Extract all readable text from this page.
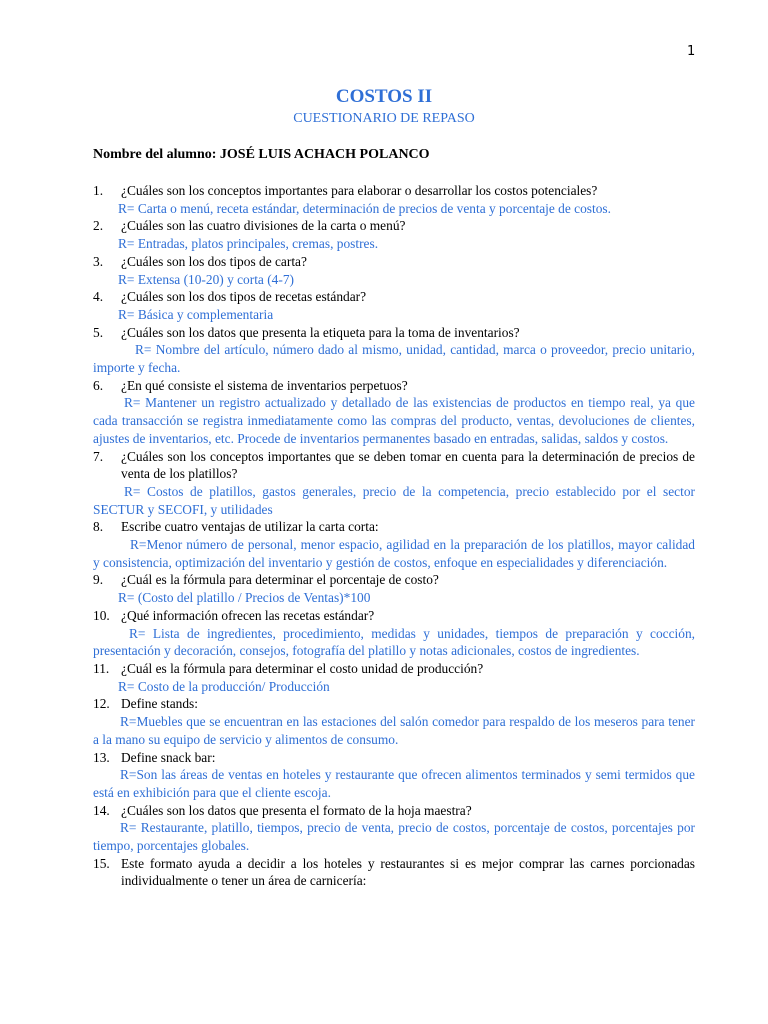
1
COSTOS II
CUESTIONARIO DE REPASO
Nombre del alumno: JOSÉ LUIS ACHACH POLANCO
1.	¿Cuáles son los conceptos importantes para elaborar o desarrollar los costos potenciales?
R= Carta o menú, receta estándar, determinación de precios de venta y porcentaje de costos.
2.	¿Cuáles son las cuatro divisiones de la carta o menú?
R= Entradas, platos principales, cremas, postres.
3.	¿Cuáles son los dos tipos de carta?
R= Extensa (10-20) y corta (4-7)
4.	¿Cuáles son los dos tipos de recetas estándar?
R= Básica y complementaria
5.	¿Cuáles son los datos que presenta la etiqueta para la toma de inventarios?
R= Nombre del artículo, número dado al mismo, unidad, cantidad, marca o proveedor, precio unitario, importe y fecha.
6.	¿En qué consiste el sistema de inventarios perpetuos?
R= Mantener un registro actualizado y detallado de las existencias de productos en tiempo real, ya que cada transacción se registra inmediatamente como las compras del producto, ventas, devoluciones de clientes, ajustes de inventarios, etc. Procede de inventarios permanentes basado en entradas, salidas, saldos y costos.
7.	¿Cuáles son los conceptos importantes que se deben tomar en cuenta para la determinación de precios de venta de los platillos?
R= Costos de platillos, gastos generales, precio de la competencia, precio establecido por el sector SECTUR y SECOFI, y utilidades
8.	Escribe cuatro ventajas de utilizar la carta corta:
R=Menor número de personal, menor espacio, agilidad en la preparación de los platillos, mayor calidad y consistencia, optimización del inventario y gestión de costos, enfoque en especialidades y diferenciación.
9.	¿Cuál es la fórmula para determinar el porcentaje de costo?
R= (Costo del platillo / Precios de Ventas)*100
10. ¿Qué información ofrecen las recetas estándar?
R= Lista de ingredientes, procedimiento, medidas y unidades, tiempos de preparación y cocción, presentación y decoración, consejos, fotografía del platillo y notas adicionales, costos de ingredientes.
11. ¿Cuál es la fórmula para determinar el costo unidad de producción?
R= Costo de la producción/ Producción
12. Define stands:
R=Muebles que se encuentran en las estaciones del salón comedor para respaldo de los meseros para tener a la mano su equipo de servicio y alimentos de consumo.
13. Define snack bar:
R=Son las áreas de ventas en hoteles y restaurante que ofrecen alimentos terminados y semi termidos que está en exhibición para que el cliente escoja.
14. ¿Cuáles son los datos que presenta el formato de la hoja maestra?
R= Restaurante, platillo, tiempos, precio de venta, precio de costos, porcentaje de costos, porcentajes por tiempo, porcentajes globales.
15. Este formato ayuda a decidir a los hoteles y restaurantes si es mejor comprar las carnes porcionadas individualmente o tener un área de carnicería:
